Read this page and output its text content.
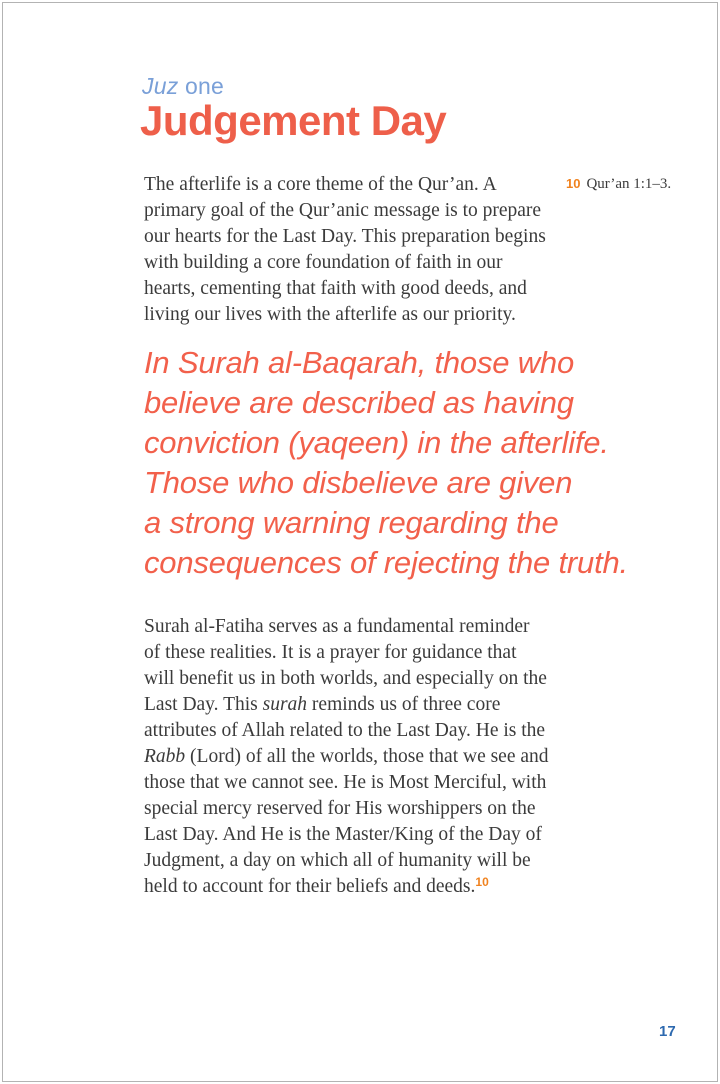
Juz one
Judgement Day

The afterlife is a core theme of the Qur’an. A primary goal of the Qur’anic message is to prepare our hearts for the Last Day. This preparation begins with building a core foundation of faith in our hearts, cementing that faith with good deeds, and living our lives with the afterlife as our priority.

10 Qur’an 1:1–3.
In Surah al-Baqarah, those who
believe are described as having
conviction (yaqeen) in the afterlife.
Those who disbelieve are given
a strong warning regarding the
consequences of rejecting the truth.

Surah al-Fatiha serves as a fundamental reminder of these realities. It is a prayer for guidance that will benefit us in both worlds, and especially on the Last Day. This surah reminds us of three core attributes of Allah related to the Last Day. He is the Rabb (Lord) of all the worlds, those that we see and those that we cannot see. He is Most Merciful, with special mercy reserved for His worshippers on the Last Day. And He is the Master/King of the Day of Judgment, a day on which all of humanity will be held to account for their beliefs and deeds.$^{10}$

17
